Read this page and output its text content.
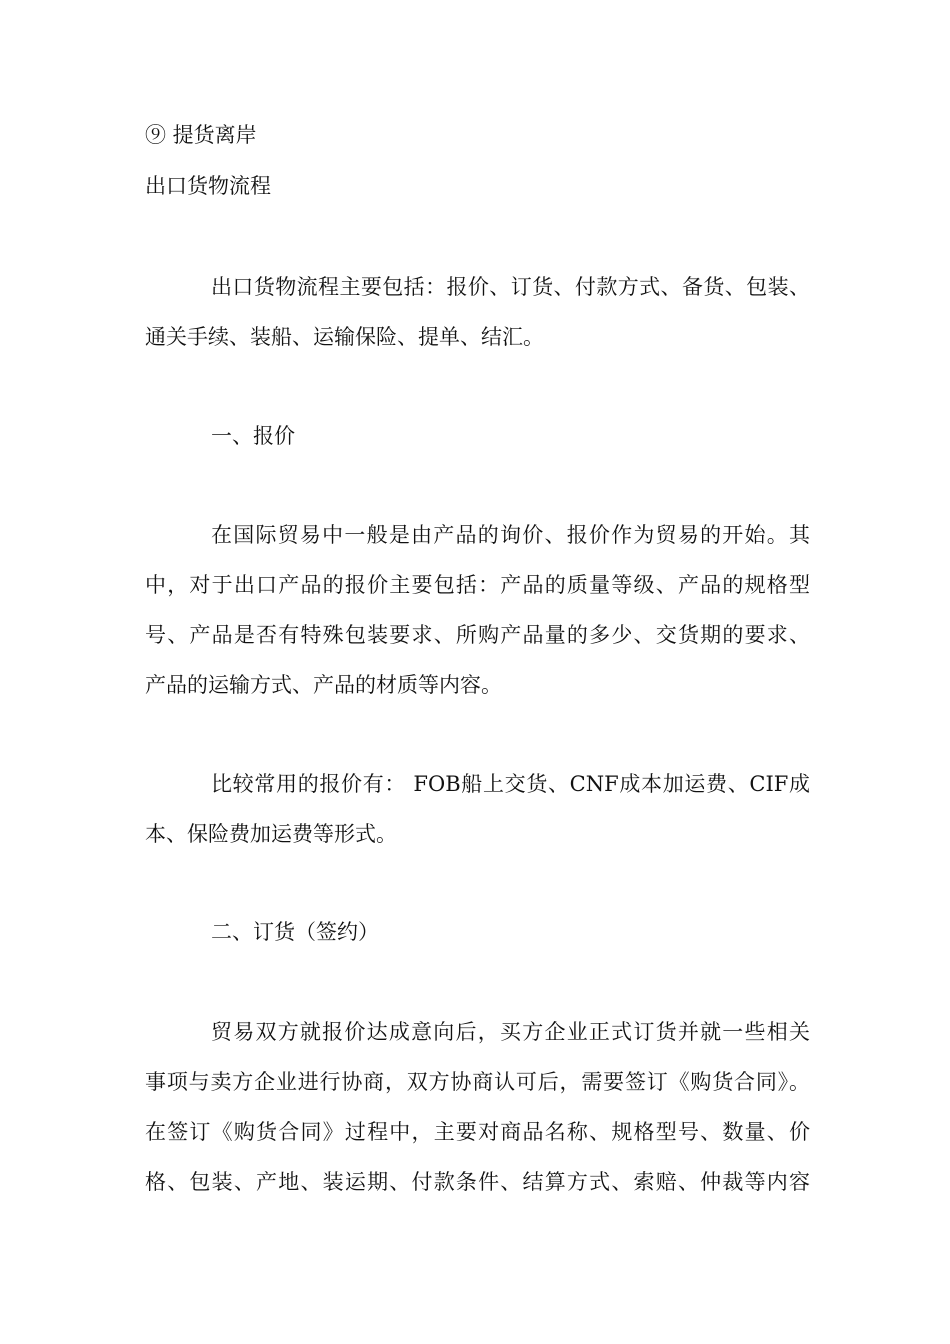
⑨ 提货离岸
出口货物流程
出口货物流程主要包括：报价、订货、付款方式、备货、包装、
通关手续、装船、运输保险、提单、结汇。
一、报价
在国际贸易中一般是由产品的询价、报价作为贸易的开始。其
中，对于出口产品的报价主要包括：产品的质量等级、产品的规格型
号、产品是否有特殊包装要求、所购产品量的多少、交货期的要求、
产品的运输方式、产品的材质等内容。
比较常用的报价有： FOB船上交货、CNF成本加运费、CIF成
本、保险费加运费等形式。
二、订货（签约）
贸易双方就报价达成意向后，买方企业正式订货并就一些相关
事项与卖方企业进行协商，双方协商认可后，需要签订《购货合同》。
在签订《购货合同》过程中，主要对商品名称、规格型号、数量、价
格、包装、产地、装运期、付款条件、结算方式、索赔、仲裁等内容
